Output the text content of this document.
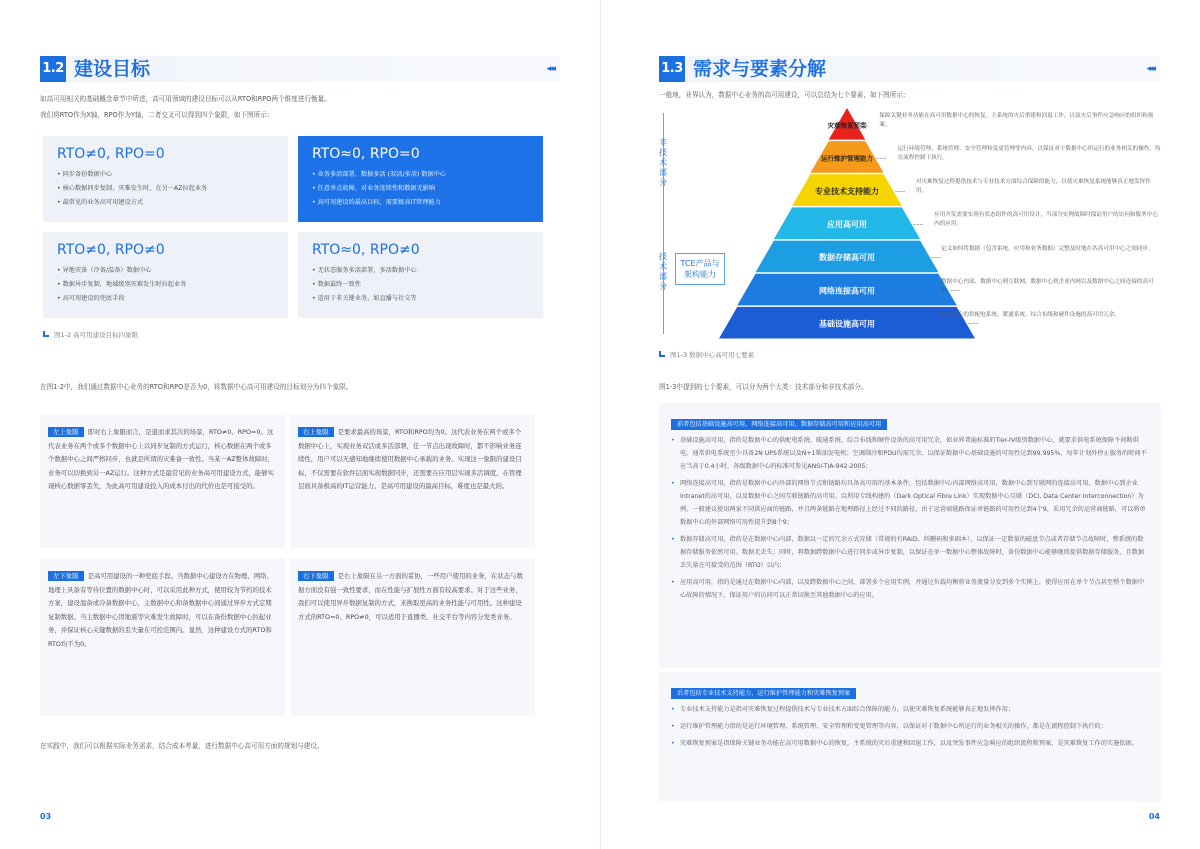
1.2 建设目标	◂◂◂
如高可用相关的基础概念章节中所述，高可用领域的建设目标可以从RTO和RPO两个维度进行衡量。
我们将RTO作为X轴，RPO作为Y轴，二者交叉可以得到四个象限，如下图所示：
RTO≠0, RPO=0
• 同步备份数据中心
• 核心数据同步复制，灾难发生时，在另一AZ拉起业务
• 最常见的业务高可用建设方式
RTO≈0, RPO=0
• 业务多活部署，数据多活 (双活/多活) 数据中心
• 任意单点故障，对业务连续性和数据无影响
• 高可用建设的最高目标，需要极高IT管理能力
RTO≠0, RPO≠0
• 异地灾备（冷备/温备）数据中心
• 数据异步复制，地域级别灾难发生时拉起业务
• 高可用建设的兜底手段
RTO≈0, RPO≠0
• 无状态服务多活部署，多活数据中心
• 数据最终一致性
• 适用于非关键业务，如直播与社交等
图1-2 高可用建设目标四象限
在图1-2中，我们通过数据中心业务的RTO和RPO是否为0，将数据中心高可用建设的目标划分为四个象限。
左上象限 即对右上象限而言，是退而求其次的场景，RTO≠0、RPO=0。这代表业务在两个或多个数据中心上以同步复制的方式运行，核心数据在两个或多个数据中心之间严格同步，也就是所谓的灾难备一致性。当某一AZ整体故障时，业务可以切换到另一AZ运行。这种方式是最常见的业务高可用建设方式，能够实现核心数据零丢失，为此高可用建设投入的成本付出的代价也是可接受的。
右上象限 是要求最高的场景，RTO和RPO均为0。这代表业务在两个或多个数据中心上，实现业务双活或多活部署，任一节点出现故障时，都不影响业务连续性，用户可以无感知地继续使用数据中心承载的业务。实现这一象限的建设目标，不仅需要在软件层面实现数据同步，还需要在应用层实现多活调度，在管理层面具备极高的IT运营能力，是高可用建设的最高目标，难度也是最大的。
左下象限 是高可用建设的一种兜底手段。当数据中心建设方在物理、网络、地理上具备有等待位置的数据中心时，可以采用此种方式，使用较为节约的技术方案，建设温备或冷备数据中心，主数据中心和备数据中心间通过异步方式定期复制数据。当主数据中心因地震等灾难发生故障时，可以在备份数据中心拉起业务，并保证核心关键数据的丢失量在可控范围内。显然，这种建设方式的RTO和RTO均不为0。
右下象限 是右上象限在另一方面的妥协，一些用户使用的业务，在状态与数据方面没有强一致性要求，而在性能与扩展性方面有较高要求。对于这些业务，我们可以使用异步数据复制的方式，来换取更高的业务性能与可用性。这种建设方式的RTO=0、RPO≠0，可以适用于直播类、社交平台等内容分发类业务。
在实践中，我们可以根据实际业务需求，结合成本考量，进行数据中心高可用方面的规划与建设。
03
1.3 需求与要素分解	◂◂◂
一般地，业界认为，数据中心业务的高可用建设，可以总结为七个要素，如下图所示：
非技术部分
技术部分
TCE产品与架构能力
灾难恢复预案
运行维护管理能力
专业技术支持能力
应用高可用
数据存储高可用
网络连接高可用
基础设施高可用
保障关键业务功能在高可用数据中心的恢复，主系统的灾后重建和回退工作，以及灾后事件应急响应的组织和预案。
运行环境管理、系统管理、安全管理和变更管理等内容，以保证对于数据中心所运行的业务相关的操作，均在流程控制下执行。
对灾难恢复过程提供技术与专业技术方面综合保障的能力，以使灾难恢复系统能够真正地发挥作用。
应用开发需要实现有状态组件的高可用设计，当部分实例故障时保证用户的访问和服务中心内的应用。
定义如何将数据（包含系统、应用和业务数据）完整及时地在各高可用中心之间同步。
数据中心内部、数据中心到互联网、数据中心到企业内网以及数据中心之间连接的高可用。
数据中心的供配电系统、暖通系统、综合布线和硬件设施的高可用冗余。
图1-3 数据中心高可用七要素
图1-3中提到的七个要素，可以分为两个大类：技术部分和非技术部分。
前者包括基础设施高可用、网络连接高可用、数据存储高可用和应用高可用
• 基础设施高可用，指的是数据中心的供配电系统、暖通系统、综合布线和硬件设备的高可用冗余，如业界普遍标准的Tier-IV级别数据中心，就要求供电系统保障不间断供电，通常供电系统至少具备2N UPS系统以及N+1柴油发电机；空调制冷和PDU均需冗余，以保证数据中心基础设施的可用性达到99.995%，每年计划外停止服务的时间不应当高于0.4小时，各级数据中心的标准可参见ANSI-TIA-942-2005；
• 网络连接高可用，指的是数据中心内外部的网络节点和链路均具备高可用的基本条件，包括数据中心内部网络高可用，数据中心到互联网的连接高可用，数据中心到企业Intranet的高可用，以及数据中心之间互联链路的高可用。以利用专线构建的（Dark Optical Fibre Link）实现数据中心互联（DCI, Data Center Interconnection）为例，一般建议使用两家不同供应商的链路，并且两条链路在地理路径上经过不同的路径，由于运营商链路保证单链路的可用性达到4个9，采用冗余的运营商链路，可以将单数据中心的外部网络可用性提升到8个9；
• 数据存储高可用，指的是在数据中心内部，数据以一定的冗余方式存储（常规的有RAID、纠删码和多副本），以保证一定数量的磁盘节点或者存储节点故障时，整系统的数据存储服务依然可用。数据无丢失；同时，将数据跨数据中心进行同步或异步复制，以保证在单一数据中心整体故障时，备份数据中心能够继续提供数据存储服务，且数据丢失量在可接受的范围（RTO）以内；
• 应用高可用，指的是通过在数据中心内部，以及跨数据中心之间，部署多个应用实例，并通过负载均衡将业务流量分发到多个实例上，使得应用在单个节点甚至整个数据中心故障的情况下，保证用户的访问可以正常切换至其他数据中心的应用。
后者包括专业技术支持能力、运行维护管理能力和灾难恢复预案
• 专业技术支持能力是指对灾难恢复过程提供技术与专业技术方面综合保障的能力，以使灾难恢复系统能够真正地发挥作用；
• 运行维护管理能力指的是运行环境管理、系统管理、安全管理和变更管理等内容，以保证对于数据中心所运行的业务相关的操作，都是在流程控制下执行的；
• 灾难恢复预案是指保障关键业务功能在高可用数据中心的恢复，主系统的灾后重建和回退工作，以及突发事件应急响应的组织流程和预案，是灾难恢复工作的实施依据。
04
